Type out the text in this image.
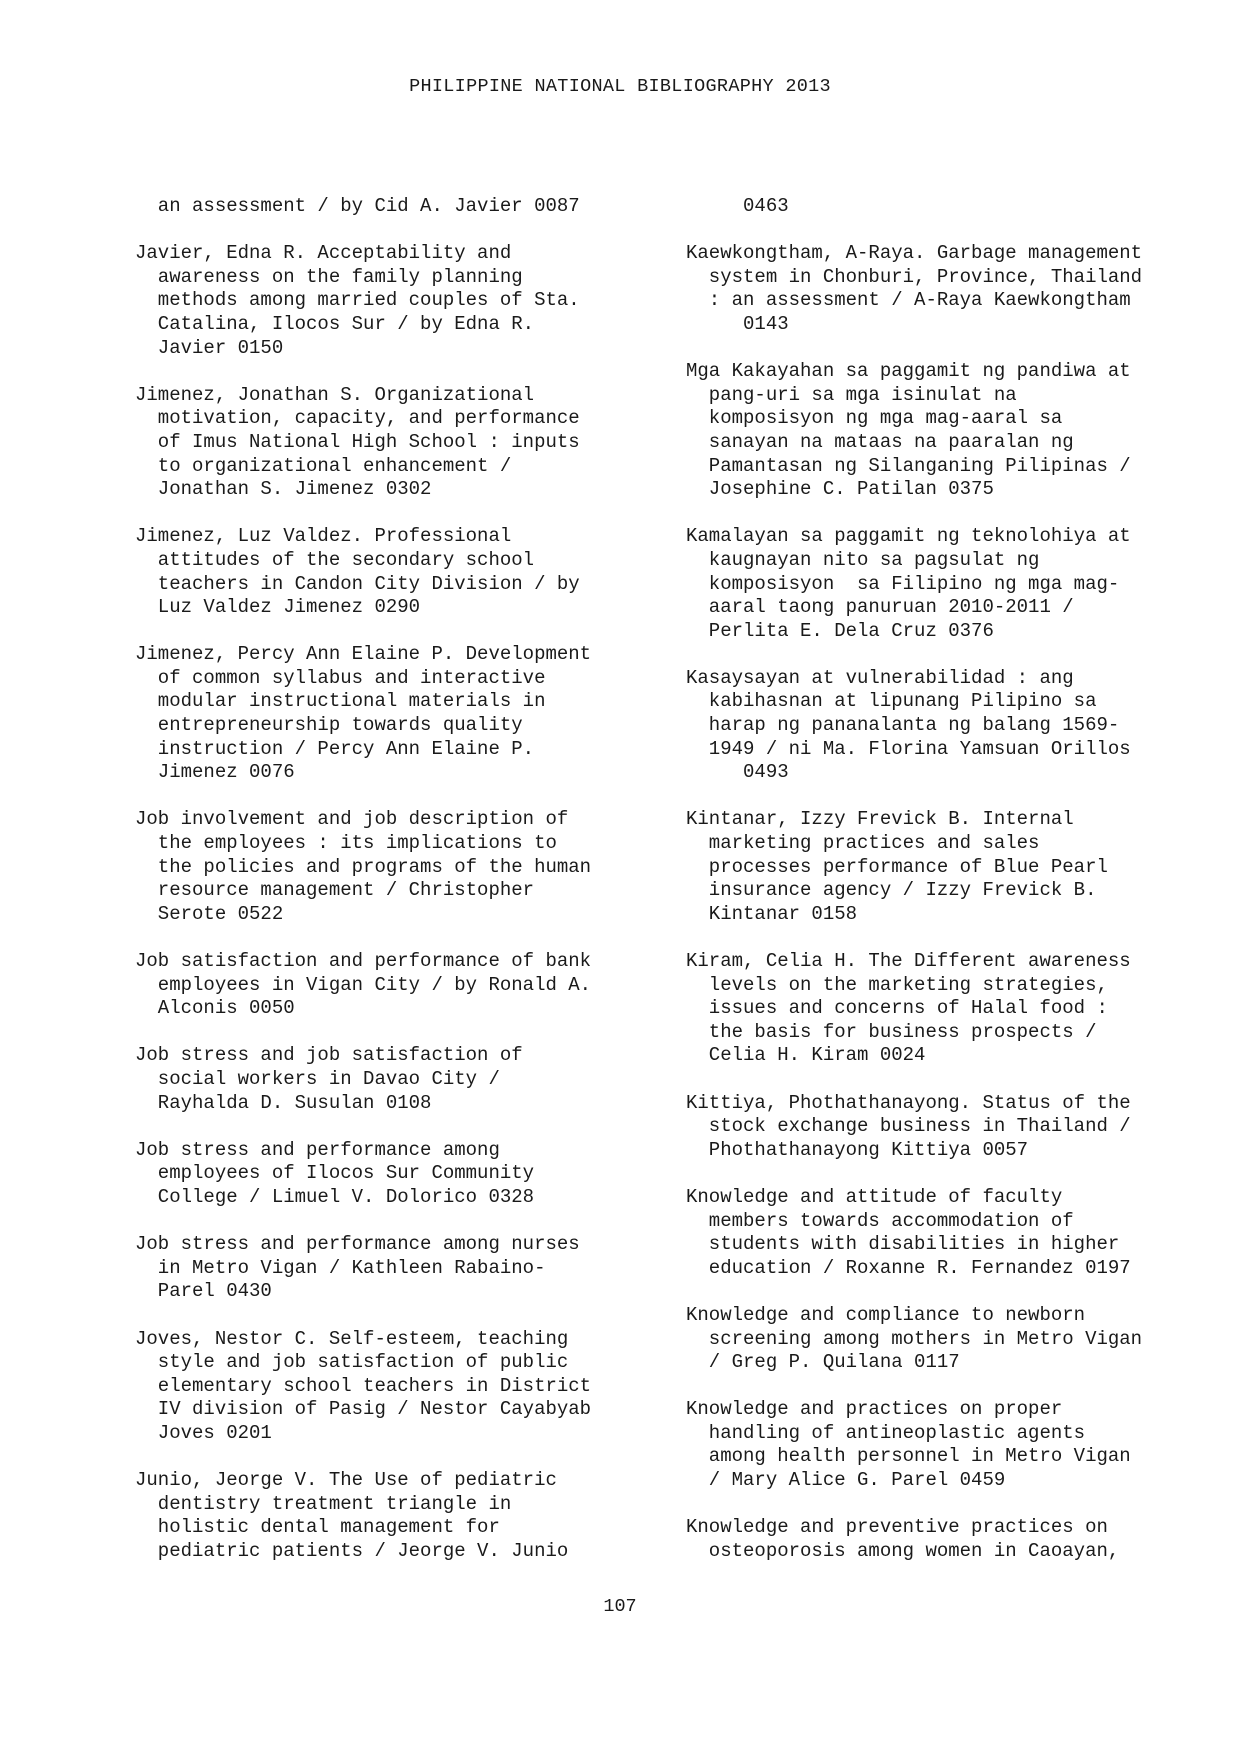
PHILIPPINE NATIONAL BIBLIOGRAPHY 2013
an assessment / by Cid A. Javier 0087
Javier, Edna R. Acceptability and
awareness on the family planning
methods among married couples of Sta.
Catalina, Ilocos Sur / by Edna R.
Javier 0150
Jimenez, Jonathan S. Organizational
motivation, capacity, and performance
of Imus National High School : inputs
to organizational enhancement /
Jonathan S. Jimenez 0302
Jimenez, Luz Valdez. Professional
attitudes of the secondary school
teachers in Candon City Division / by
Luz Valdez Jimenez 0290
Jimenez, Percy Ann Elaine P. Development
of common syllabus and interactive
modular instructional materials in
entrepreneurship towards quality
instruction / Percy Ann Elaine P.
Jimenez 0076
Job involvement and job description of
the employees : its implications to
the policies and programs of the human
resource management / Christopher
Serote 0522
Job satisfaction and performance of bank
employees in Vigan City / by Ronald A.
Alconis 0050
Job stress and job satisfaction of
social workers in Davao City /
Rayhalda D. Susulan 0108
Job stress and performance among
employees of Ilocos Sur Community
College / Limuel V. Dolorico 0328
Job stress and performance among nurses
in Metro Vigan / Kathleen Rabaino-
Parel 0430
Joves, Nestor C. Self-esteem, teaching
style and job satisfaction of public
elementary school teachers in District
IV division of Pasig / Nestor Cayabyab
Joves 0201
Junio, Jeorge V. The Use of pediatric
dentistry treatment triangle in
holistic dental management for
pediatric patients / Jeorge V. Junio
0463
Kaewkongtham, A-Raya. Garbage management
system in Chonburi, Province, Thailand
: an assessment / A-Raya Kaewkongtham
0143
Mga Kakayahan sa paggamit ng pandiwa at
pang-uri sa mga isinulat na
komposisyon ng mga mag-aaral sa
sanayan na mataas na paaralan ng
Pamantasan ng Silanganing Pilipinas /
Josephine C. Patilan 0375
Kamalayan sa paggamit ng teknolohiya at
kaugnayan nito sa pagsulat ng
komposisyon  sa Filipino ng mga mag-
aaral taong panuruan 2010-2011 /
Perlita E. Dela Cruz 0376
Kasaysayan at vulnerabilidad : ang
kabihasnan at lipunang Pilipino sa
harap ng pananalanta ng balang 1569-
1949 / ni Ma. Florina Yamsuan Orillos
0493
Kintanar, Izzy Frevick B. Internal
marketing practices and sales
processes performance of Blue Pearl
insurance agency / Izzy Frevick B.
Kintanar 0158
Kiram, Celia H. The Different awareness
levels on the marketing strategies,
issues and concerns of Halal food :
the basis for business prospects /
Celia H. Kiram 0024
Kittiya, Phothathanayong. Status of the
stock exchange business in Thailand /
Phothathanayong Kittiya 0057
Knowledge and attitude of faculty
members towards accommodation of
students with disabilities in higher
education / Roxanne R. Fernandez 0197
Knowledge and compliance to newborn
screening among mothers in Metro Vigan
/ Greg P. Quilana 0117
Knowledge and practices on proper
handling of antineoplastic agents
among health personnel in Metro Vigan
/ Mary Alice G. Parel 0459
Knowledge and preventive practices on
osteoporosis among women in Caoayan,
107
